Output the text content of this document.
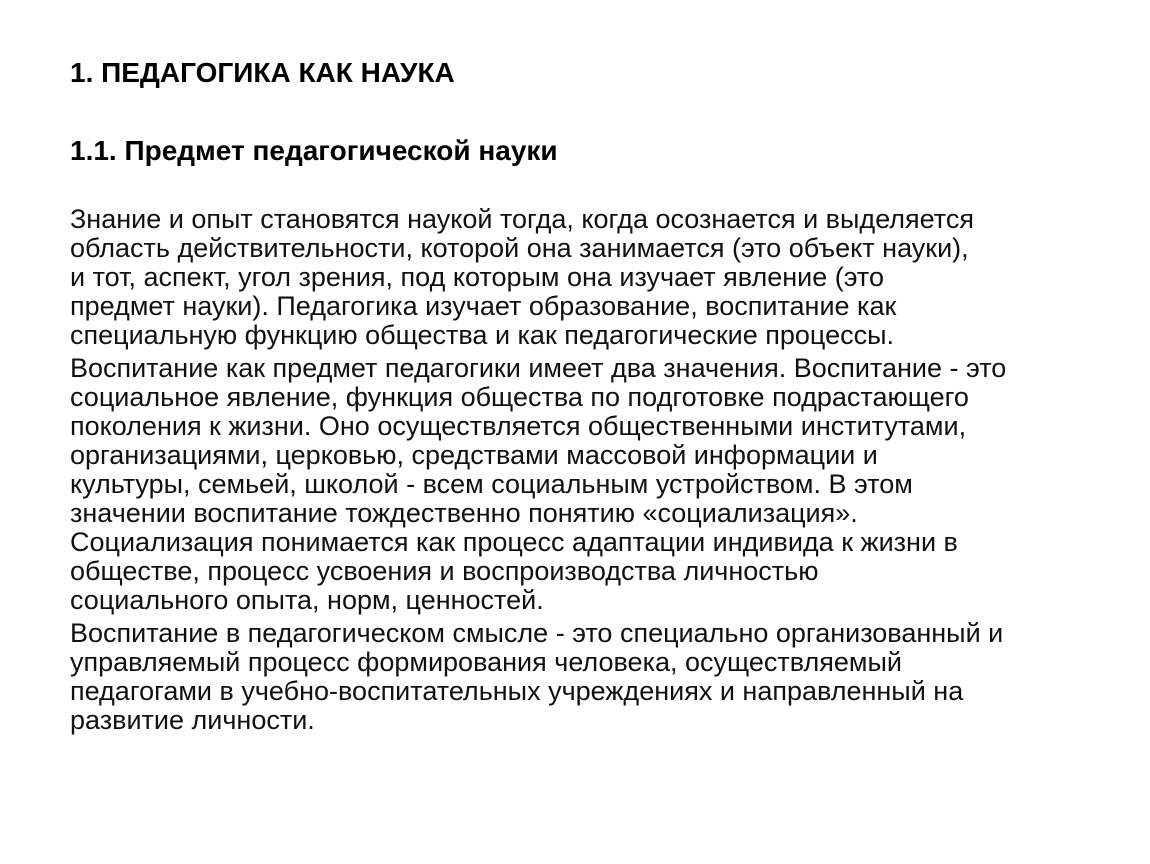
1. ПЕДАГОГИКА КАК НАУКА
1.1. Предмет педагогической науки

Знание и опыт становятся наукой тогда, когда осознается и выделяется
область действительности, которой она занимается (это объект науки),
и тот, аспект, угол зрения, под которым она изучает явление (это
предмет науки). Педагогика изучает образование, воспитание как
специальную функцию общества и как педагогические процессы.

Воспитание как предмет педагогики имеет два значения. Воспитание - это
социальное явление, функция общества по подготовке подрастающего
поколения к жизни. Оно осуществляется общественными институтами,
организациями, церковью, средствами массовой информации и
культуры, семьей, школой - всем социальным устройством. В этом
значении воспитание тождественно понятию «социализация».
Социализация понимается как процесс адаптации индивида к жизни в
обществе, процесс усвоения и воспроизводства личностью
социального опыта, норм, ценностей.

Воспитание в педагогическом смысле - это специально организованный и
управляемый процесс формирования человека, осуществляемый
педагогами в учебно-воспитательных учреждениях и направленный на
развитие личности.
